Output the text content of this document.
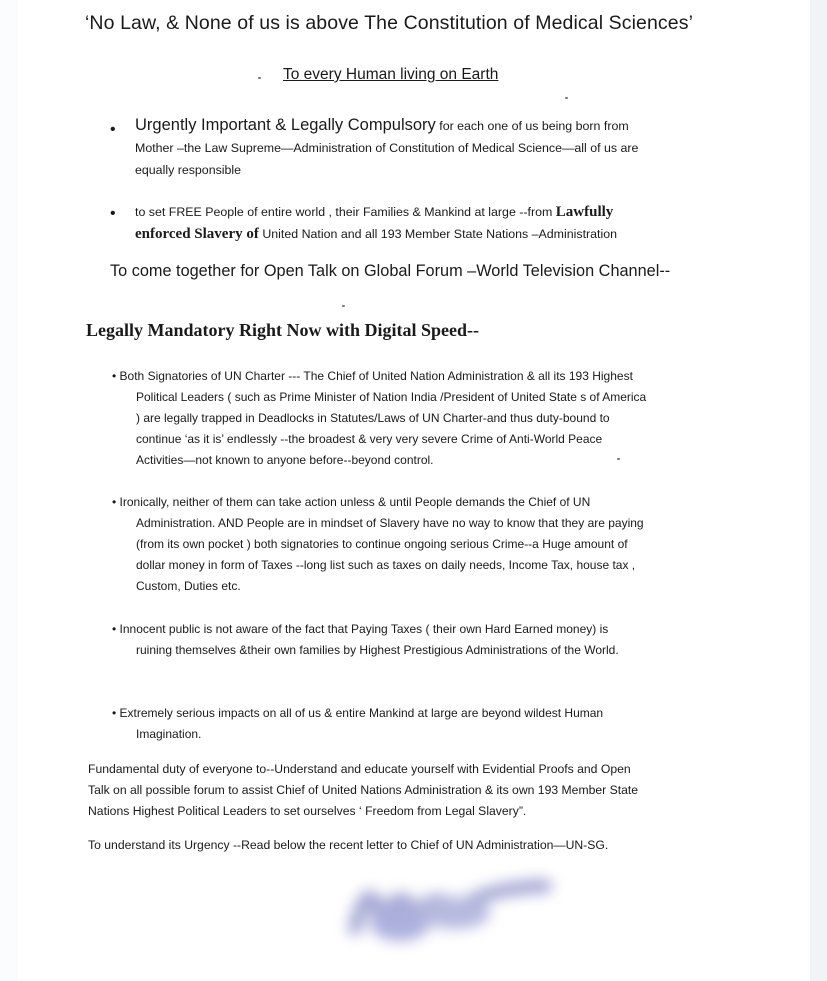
‘No Law, & None of us is above The Constitution of Medical Sciences’
To every Human living on Earth
• Urgently Important & Legally Compulsory for each one of us being born from
Mother –the Law Supreme—Administration of Constitution of Medical Science—all of us are
equally responsible
•	to set FREE People of entire world , their Families & Mankind at large --from Lawfully
enforced Slavery of United Nation and all 193 Member State Nations –Administration
To come together for Open Talk on Global Forum –World Television Channel--
Legally Mandatory Right Now with Digital Speed--
• Both Signatories of UN Charter --- The Chief of United Nation Administration & all its 193 Highest
Political Leaders ( such as Prime Minister of Nation India /President of United State s of America
) are legally trapped in Deadlocks in Statutes/Laws of UN Charter-and thus duty-bound to
continue ‘as it is’ endlessly --the broadest & very very severe Crime of Anti-World Peace
Activities—not known to anyone before--beyond control.
• Ironically, neither of them can take action unless & until People demands the Chief of UN
Administration. AND People are in mindset of Slavery have no way to know that they are paying
(from its own pocket ) both signatories to continue ongoing serious Crime--a Huge amount of
dollar money in form of Taxes --long list such as taxes on daily needs, Income Tax, house tax ,
Custom, Duties etc.
• Innocent public is not aware of the fact that Paying Taxes ( their own Hard Earned money) is
ruining themselves &their own families by Highest Prestigious Administrations of the World.
• Extremely serious impacts on all of us & entire Mankind at large are beyond wildest Human
Imagination.
Fundamental duty of everyone to--Understand and educate yourself with Evidential Proofs and Open
Talk on all possible forum to assist Chief of United Nations Administration & its own 193 Member State
Nations Highest Political Leaders to set ourselves ‘ Freedom from Legal Slavery”.
To understand its Urgency --Read below the recent letter to Chief of UN Administration—UN-SG.
